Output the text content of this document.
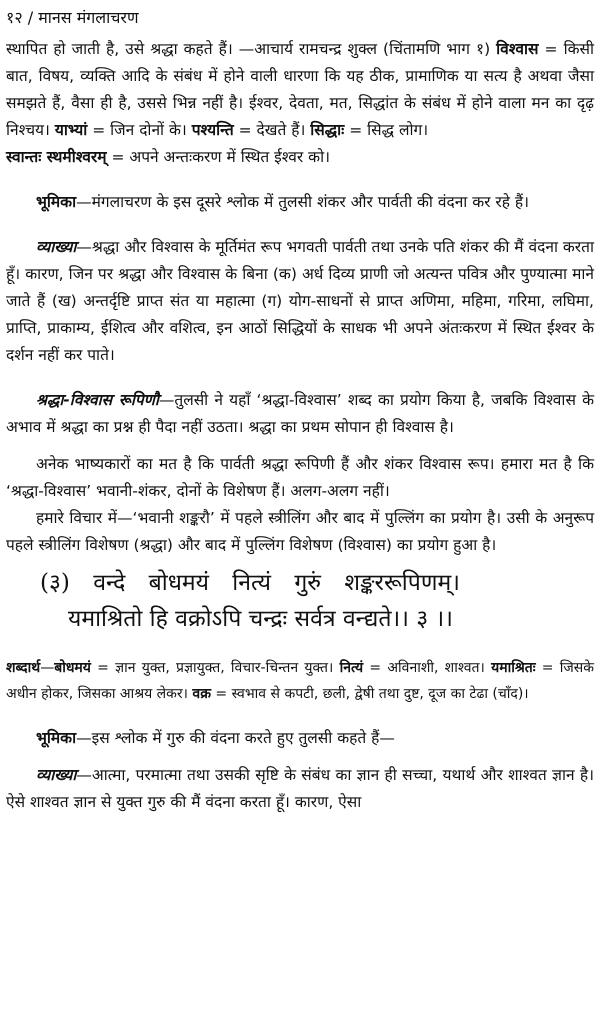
१२ / मानस मंगलाचरण

स्थापित हो जाती है, उसे श्रद्धा कहते हैं। —आचार्य रामचन्द्र शुक्ल (चिंतामणि भाग १) विश्वास = किसी बात, विषय, व्यक्ति आदि के संबंध में होने वाली धारणा कि यह ठीक, प्रामाणिक या सत्य है अथवा जैसा समझते हैं, वैसा ही है, उससे भिन्न नहीं है। ईश्वर, देवता, मत, सिद्धांत के संबंध में होने वाला मन का दृढ़ निश्चय। याभ्यां = जिन दोनों के। पश्यन्ति = देखते हैं। सिद्धाः = सिद्ध लोग।
स्वान्तः स्थमीश्वरम् = अपने अन्तःकरण में स्थित ईश्वर को।

भूमिका—मंगलाचरण के इस दूसरे श्लोक में तुलसी शंकर और पार्वती की वंदना कर रहे हैं।

व्याख्या—श्रद्धा और विश्वास के मूर्तिमंत रूप भगवती पार्वती तथा उनके पति शंकर की मैं वंदना करता हूँ। कारण, जिन पर श्रद्धा और विश्वास के बिना (क) अर्ध दिव्य प्राणी जो अत्यन्त पवित्र और पुण्यात्मा माने जाते हैं (ख) अन्तर्दृष्टि प्राप्त संत या महात्मा (ग) योग-साधनों से प्राप्त अणिमा, महिमा, गरिमा, लघिमा, प्राप्ति, प्राकाम्य, ईशित्व और वशित्व, इन आठों सिद्धियों के साधक भी अपने अंतःकरण में स्थित ईश्वर के दर्शन नहीं कर पाते।

श्रद्धा-विश्वास रूपिणौ—तुलसी ने यहाँ ‘श्रद्धा-विश्वास’ शब्द का प्रयोग किया है, जबकि विश्वास के अभाव में श्रद्धा का प्रश्न ही पैदा नहीं उठता। श्रद्धा का प्रथम सोपान ही विश्वास है।

अनेक भाष्यकारों का मत है कि पार्वती श्रद्धा रूपिणी हैं और शंकर विश्वास रूप। हमारा मत है कि ‘श्रद्धा-विश्वास’ भवानी-शंकर, दोनों के विशेषण हैं। अलग-अलग नहीं।

हमारे विचार में—‘भवानी शङ्करौ’ में पहले स्त्रीलिंग और बाद में पुल्लिंग का प्रयोग है। उसी के अनुरूप पहले स्त्रीलिंग विशेषण (श्रद्धा) और बाद में पुल्लिंग विशेषण (विश्वास) का प्रयोग हुआ है।

(३) वन्दे बोधमयं नित्यं गुरुं शङ्कररूपिणम्।

यमाश्रितो हि वक्रोऽपि चन्द्रः सर्वत्र वन्द्यते।। ३ ।।

शब्दार्थ—बोधमयं = ज्ञान युक्त, प्रज्ञायुक्त, विचार-चिन्तन युक्त। नित्यं = अविनाशी, शाश्वत। यमाश्रितः = जिसके अधीन होकर, जिसका आश्रय लेकर। वक्र = स्वभाव से कपटी, छली, द्वेषी तथा दुष्ट, दूज का टेढा (चाँद)।

भूमिका—इस श्लोक में गुरु की वंदना करते हुए तुलसी कहते हैं—

व्याख्या—आत्मा, परमात्मा तथा उसकी सृष्टि के संबंध का ज्ञान ही सच्चा, यथार्थ और शाश्वत ज्ञान है। ऐसे शाश्वत ज्ञान से युक्त गुरु की मैं वंदना करता हूँ। कारण, ऐसा
